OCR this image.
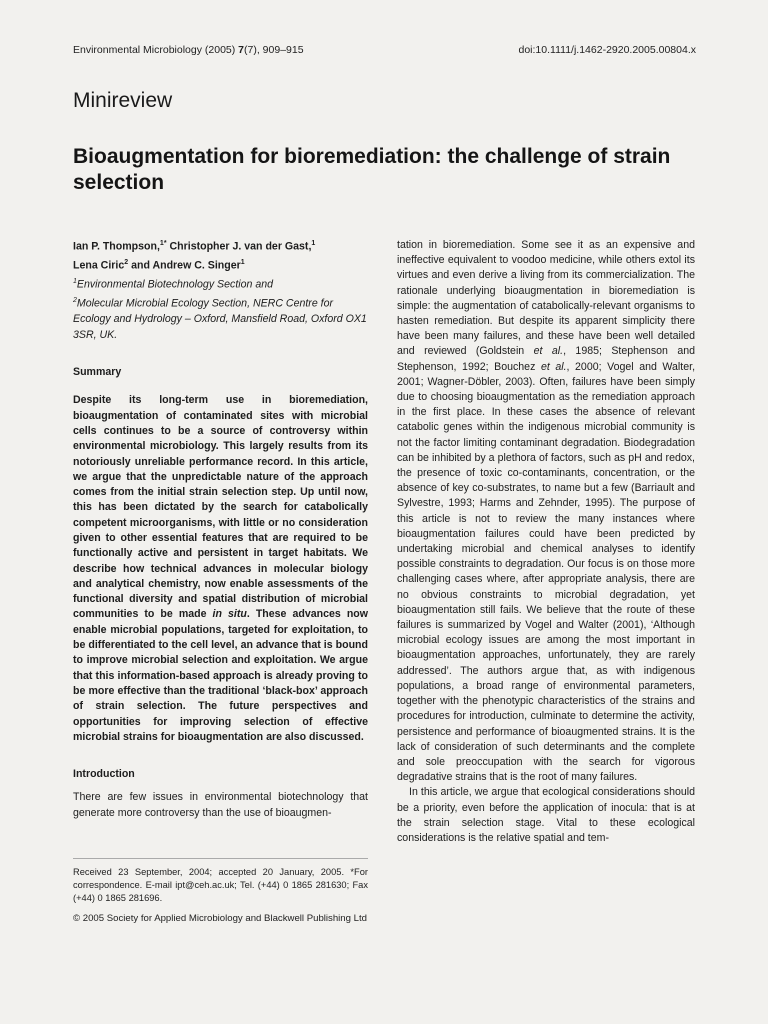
Environmental Microbiology (2005) 7(7), 909–915	doi:10.1111/j.1462-2920.2005.00804.x
Minireview
Bioaugmentation for bioremediation: the challenge of strain selection
Ian P. Thompson,$^{1*}$ Christopher J. van der Gast,$^1$
Lena Ciric$^2$ and Andrew C. Singer$^1$
$^1$Environmental Biotechnology Section and
$^2$Molecular Microbial Ecology Section, NERC Centre for Ecology and Hydrology – Oxford, Mansfield Road, Oxford OX1 3SR, UK.
Summary
Despite its long-term use in bioremediation, bioaugmentation of contaminated sites with microbial cells continues to be a source of controversy within environmental microbiology. This largely results from its notoriously unreliable performance record. In this article, we argue that the unpredictable nature of the approach comes from the initial strain selection step. Up until now, this has been dictated by the search for catabolically competent microorganisms, with little or no consideration given to other essential features that are required to be functionally active and persistent in target habitats. We describe how technical advances in molecular biology and analytical chemistry, now enable assessments of the functional diversity and spatial distribution of microbial communities to be made in situ. These advances now enable microbial populations, targeted for exploitation, to be differentiated to the cell level, an advance that is bound to improve microbial selection and exploitation. We argue that this information-based approach is already proving to be more effective than the traditional ‘black-box’ approach of strain selection. The future perspectives and opportunities for improving selection of effective microbial strains for bioaugmentation are also discussed.
Introduction
There are few issues in environmental biotechnology that generate more controversy than the use of bioaugmen-
Received 23 September, 2004; accepted 20 January, 2005. *For correspondence. E-mail ipt@ceh.ac.uk; Tel. (+44) 0 1865 281630; Fax (+44) 0 1865 281696.
© 2005 Society for Applied Microbiology and Blackwell Publishing Ltd

tation in bioremediation. Some see it as an expensive and ineffective equivalent to voodoo medicine, while others extol its virtues and even derive a living from its commercialization. The rationale underlying bioaugmentation in bioremediation is simple: the augmentation of catabolically-relevant organisms to hasten remediation. But despite its apparent simplicity there have been many failures, and these have been well detailed and reviewed (Goldstein et al., 1985; Stephenson and Stephenson, 1992; Bouchez et al., 2000; Vogel and Walter, 2001; Wagner-Döbler, 2003). Often, failures have been simply due to choosing bioaugmentation as the remediation approach in the first place. In these cases the absence of relevant catabolic genes within the indigenous microbial community is not the factor limiting contaminant degradation. Biodegradation can be inhibited by a plethora of factors, such as pH and redox, the presence of toxic co-contaminants, concentration, or the absence of key co-substrates, to name but a few (Barriault and Sylvestre, 1993; Harms and Zehnder, 1995). The purpose of this article is not to review the many instances where bioaugmentation failures could have been predicted by undertaking microbial and chemical analyses to identify possible constraints to degradation. Our focus is on those more challenging cases where, after appropriate analysis, there are no obvious constraints to microbial degradation, yet bioaugmentation still fails. We believe that the route of these failures is summarized by Vogel and Walter (2001), ‘Although microbial ecology issues are among the most important in bioaugmentation approaches, unfortunately, they are rarely addressed’. The authors argue that, as with indigenous populations, a broad range of environmental parameters, together with the phenotypic characteristics of the strains and procedures for introduction, culminate to determine the activity, persistence and performance of bioaugmented strains. It is the lack of consideration of such determinants and the complete and sole preoccupation with the search for vigorous degradative strains that is the root of many failures.

In this article, we argue that ecological considerations should be a priority, even before the application of inocula: that is at the strain selection stage. Vital to these ecological considerations is the relative spatial and tem-
